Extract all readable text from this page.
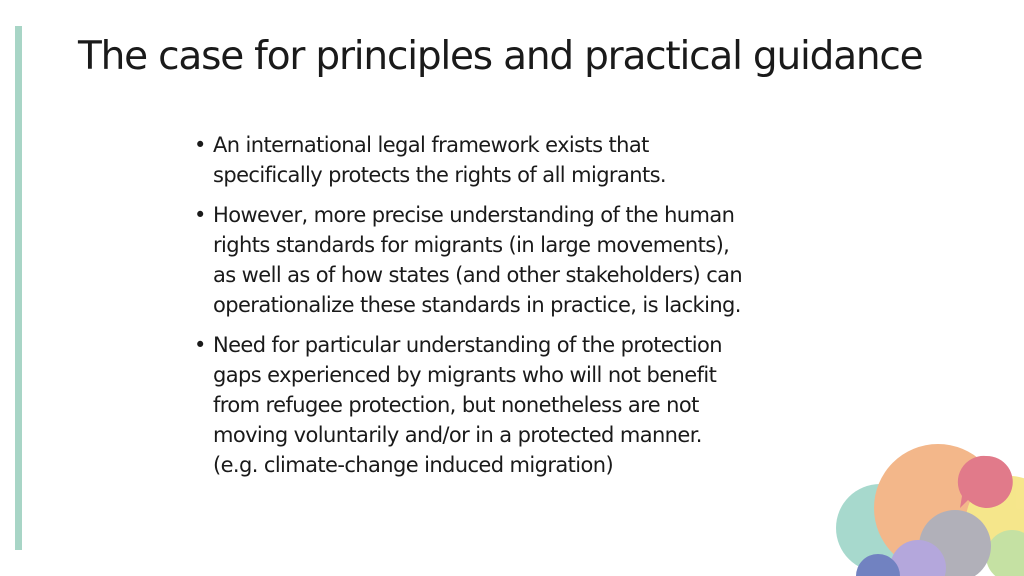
The case for principles and practical guidance
• An international legal framework exists that
specifically protects the rights of all migrants.
• However, more precise understanding of the human
rights standards for migrants (in large movements),
as well as of how states (and other stakeholders) can
operationalize these standards in practice, is lacking.
• Need for particular understanding of the protection
gaps experienced by migrants who will not benefit
from refugee protection, but nonetheless are not
moving voluntarily and/or in a protected manner.
(e.g. climate-change induced migration)
